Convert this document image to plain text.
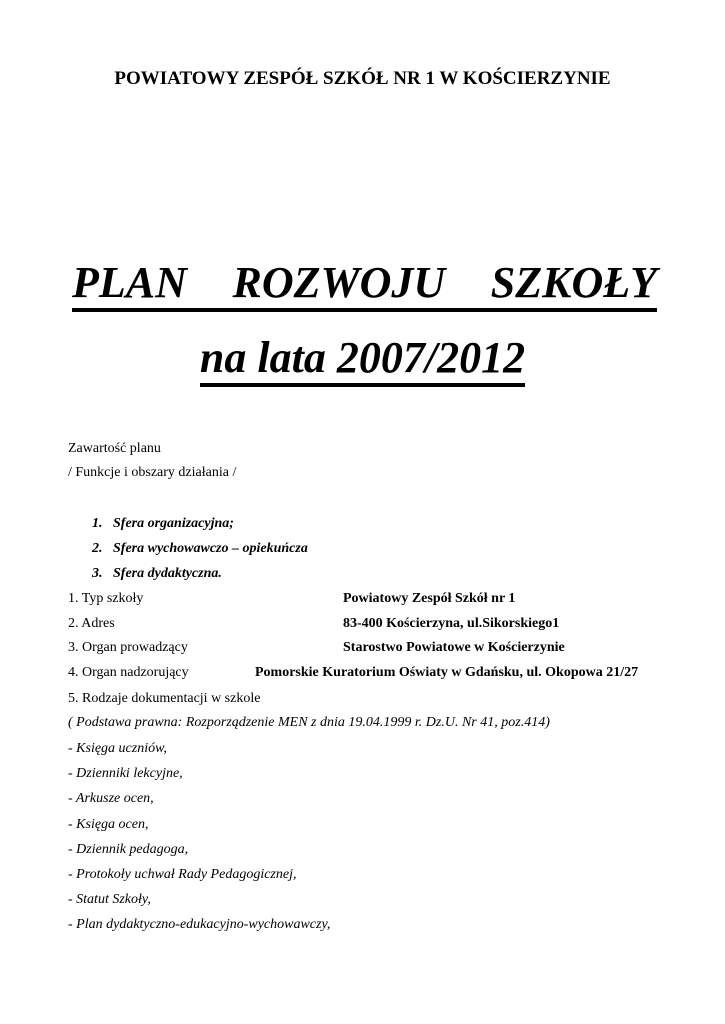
POWIATOWY ZESPÓŁ SZKÓŁ NR 1 W KOŚCIERZYNIE
PLAN ROZWOJU SZKOŁY
na lata 2007/2012
Zawartość planu
/ Funkcje i obszary działania /
1. Sfera organizacyjna;
2. Sfera wychowawczo – opiekuńcza
3. Sfera dydaktyczna.
1. Typ szkoły	Powiatowy Zespół Szkół nr 1
2. Adres	83-400 Kościerzyna, ul.Sikorskiego1
3. Organ prowadzący	Starostwo Powiatowe w Kościerzynie
4. Organ nadzorujący	Pomorskie Kuratorium Oświaty w Gdańsku, ul. Okopowa 21/27
5. Rodzaje dokumentacji w szkole
( Podstawa prawna: Rozporządzenie MEN z dnia 19.04.1999 r. Dz.U. Nr 41, poz.414)
- Księga uczniów,
- Dzienniki lekcyjne,
- Arkusze ocen,
- Księga ocen,
- Dziennik pedagoga,
- Protokoły uchwał Rady Pedagogicznej,
- Statut Szkoły,
- Plan dydaktyczno-edukacyjno-wychowawczy,
